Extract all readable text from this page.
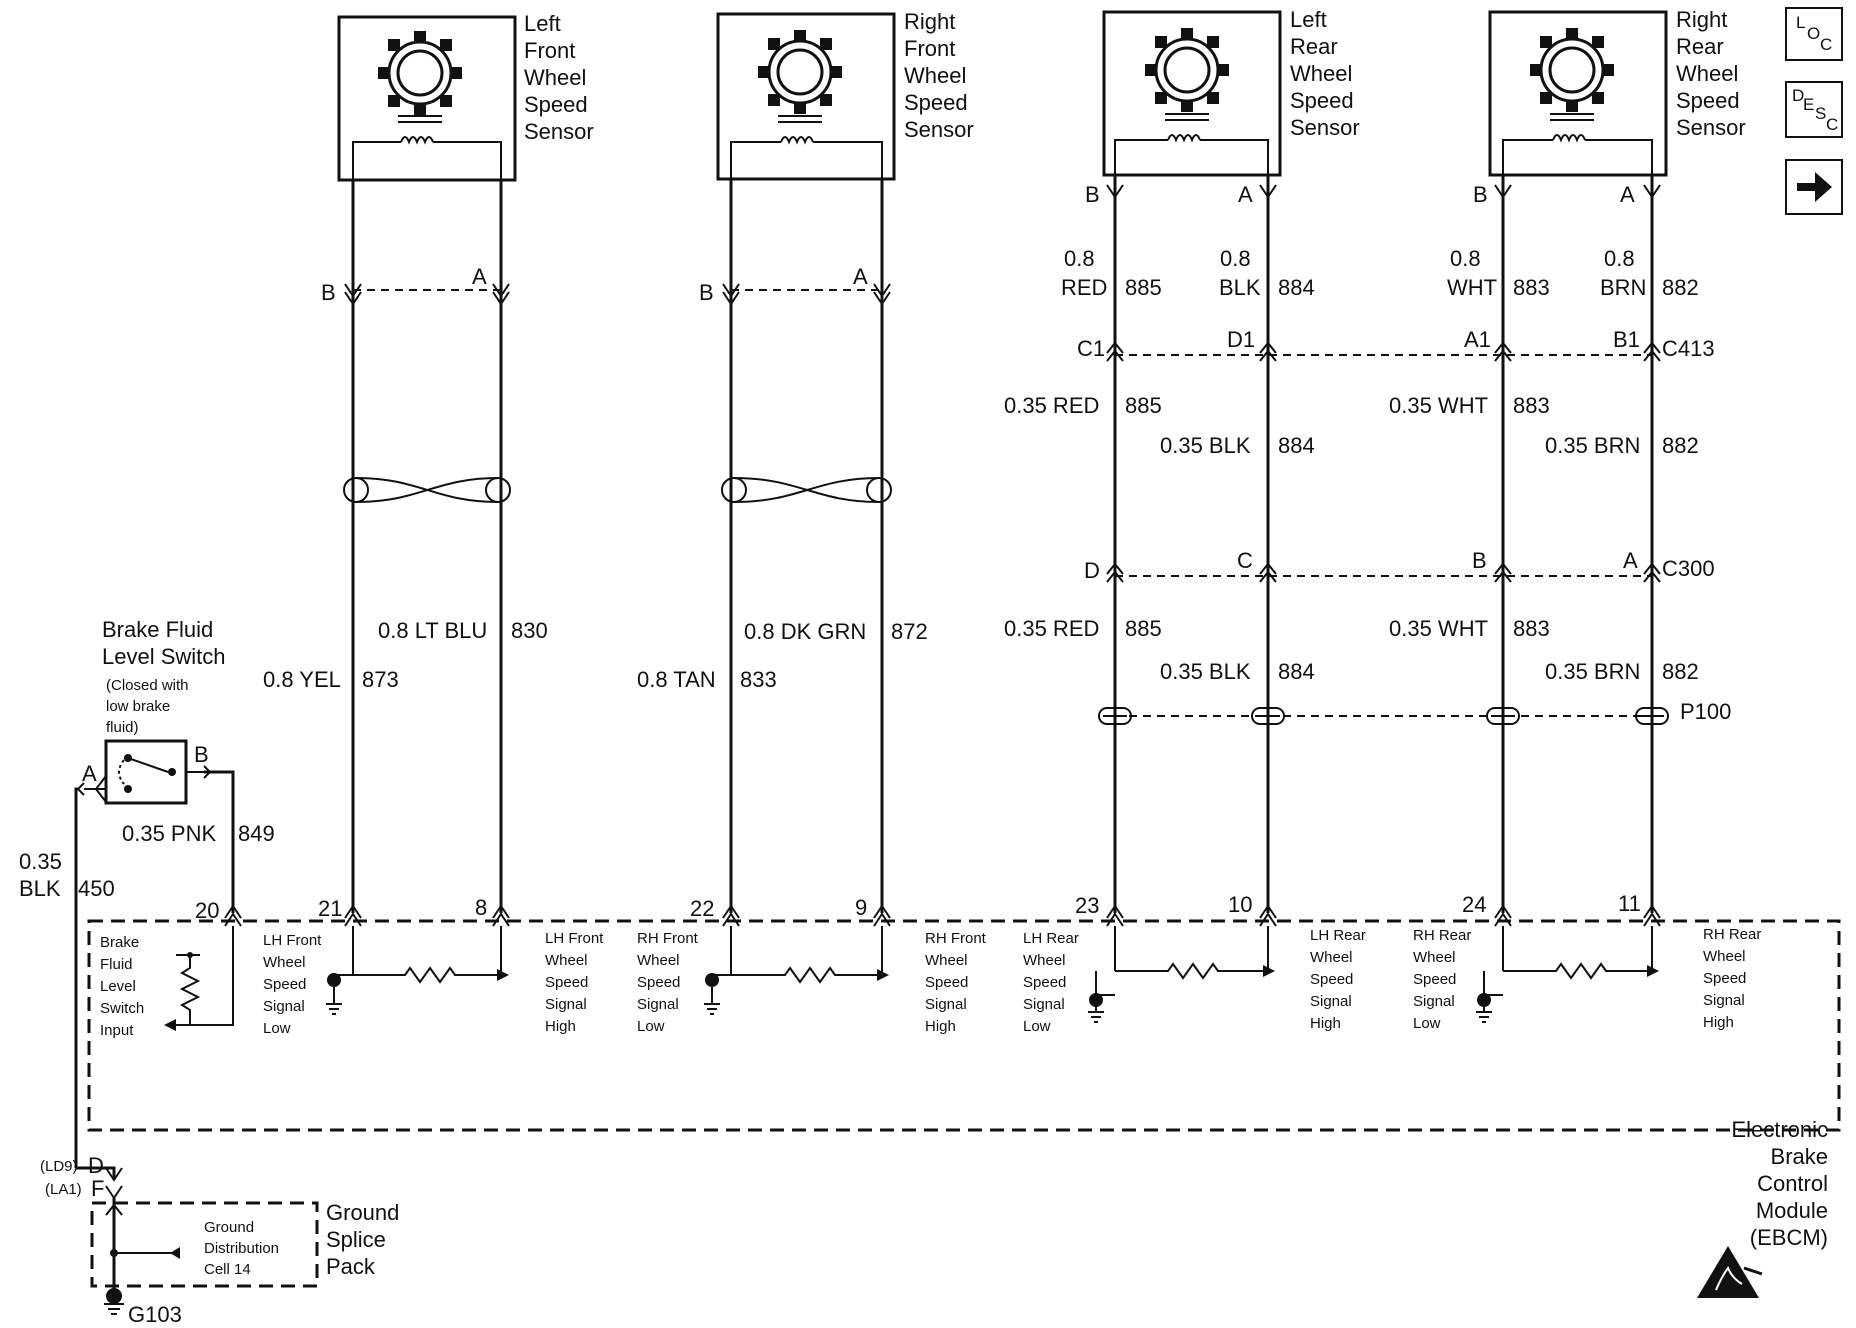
Left
Front
Wheel
Speed
Sensor
Right
Front
Wheel
Speed
Sensor
Left
Rear
Wheel
Speed
Sensor
Right
Rear
Wheel
Speed
Sensor
L
O
C
D
E S
C
B
A
B
A
0.8 YEL 873
0.8 LT BLU 830
0.8 TAN 833
0.8 DK GRN 872
B	A	B	A
0.8
RED 885
0.8
BLK 884
0.8
WHT 883
0.8
BRN 882
C1	D1	A1	B1 C413
0.35 RED 885
0.35 BLK 884
0.35 WHT 883
0.35 BRN 882
D	C	B	A C300
0.35 RED 885
0.35 BLK 884
0.35 WHT 883
0.35 BRN 882
P100
Brake Fluid
Level Switch
(Closed with
low brake
fluid)
A
B
0.35 PNK 849
0.35
BLK 450
20	21	8	22	9	23	10	24	11
Brake
Fluid
Level
Switch
Input
LH Front
Wheel
Speed
Signal
Low
LH Front
Wheel
Speed
Signal
High
RH Front
Wheel
Speed
Signal
Low
RH Front
Wheel
Speed
Signal
High
LH Rear
Wheel
Speed
Signal
Low
LH Rear
Wheel
Speed
Signal
High
RH Rear
Wheel
Speed
Signal
Low
RH Rear
Wheel
Speed
Signal
High
Electronic
Brake
Control
Module
(EBCM)
(LD9) D
(LA1) F
Ground
Distribution
Cell 14
Ground
Splice
Pack
G103
